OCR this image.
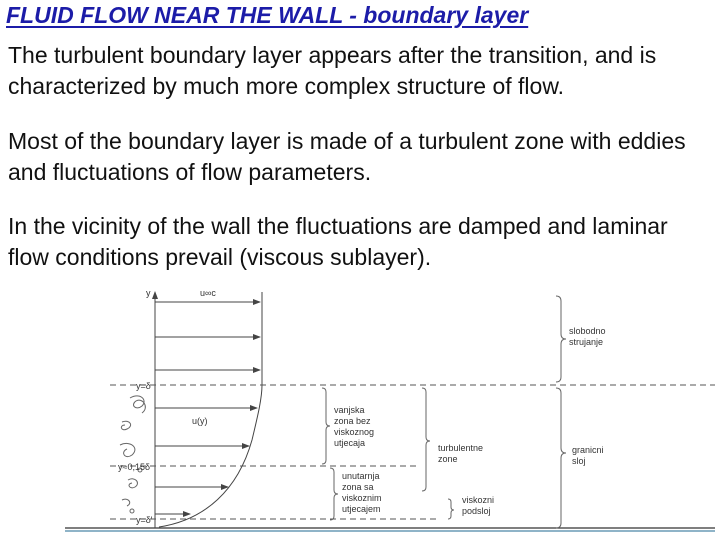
FLUID FLOW NEAR THE WALL - boundary layer

The turbulent boundary layer appears after the transition, and is characterized by much more complex structure of flow.

Most of the boundary layer is made of a turbulent zone with eddies and fluctuations of flow parameters.

In the vicinity of the wall the fluctuations are damped and laminar flow conditions prevail (viscous sublayer).

y	u∞c
y=δ
u(y)
y≈0,15δ
y=δ'
vanjska
zona bez
viskoznog
utjecaja
unutarnja
zona sa
viskoznim
utjecajem
turbulentne
zone
viskozni
podsloj
granicni
sloj
slobodno
strujanje
